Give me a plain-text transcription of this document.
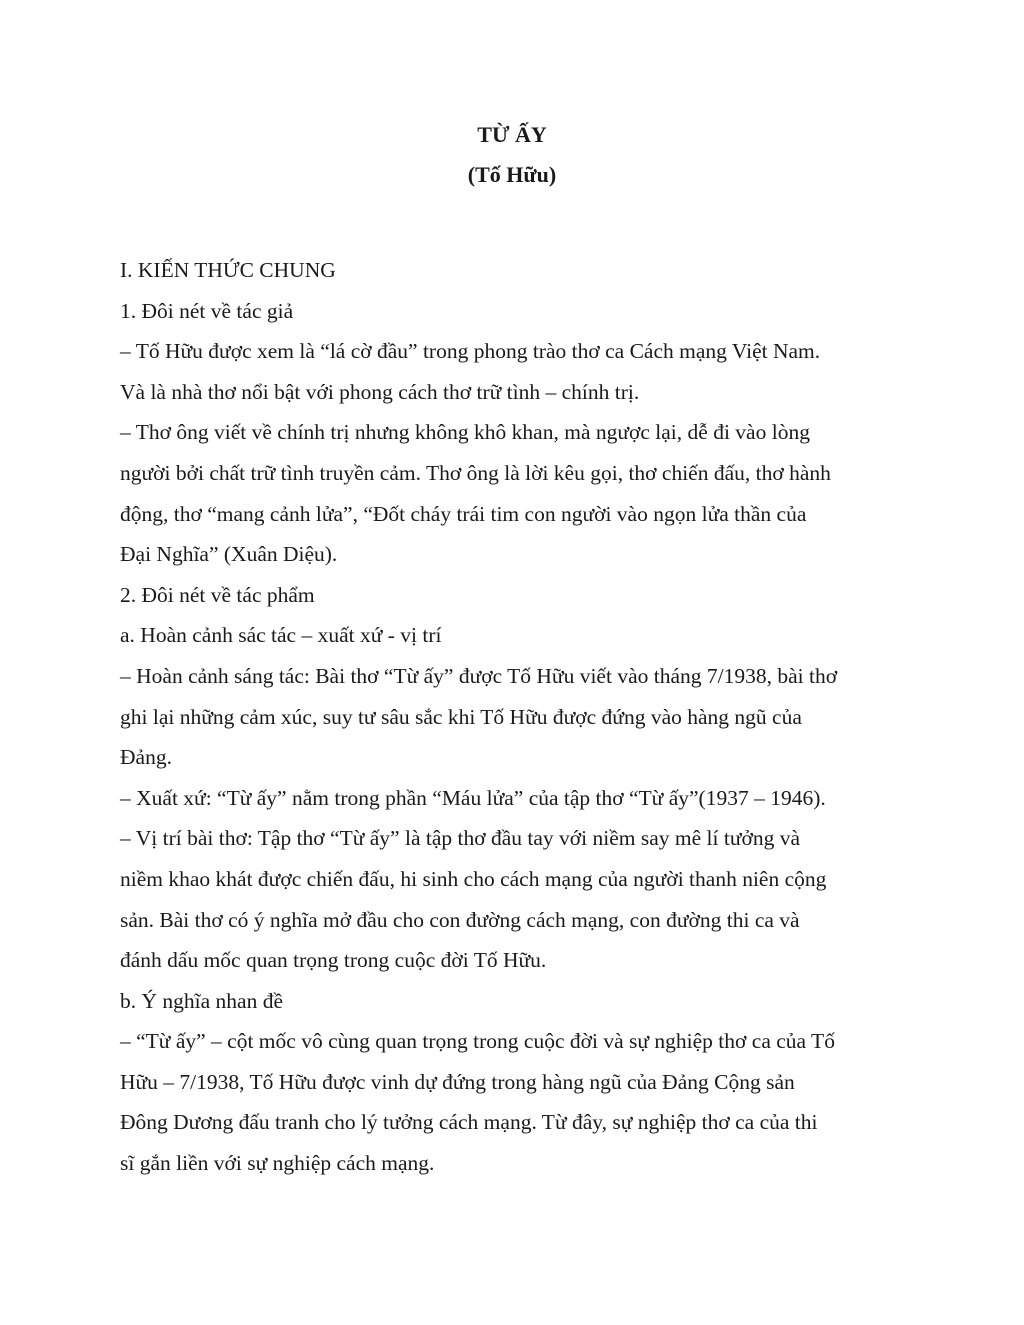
TỪ ẤY
(Tố Hữu)
I. KIẾN THỨC CHUNG
1. Đôi nét về tác giả
– Tố Hữu được xem là “lá cờ đầu” trong phong trào thơ ca Cách mạng Việt Nam.
Và là nhà thơ nổi bật với phong cách thơ trữ tình – chính trị.
– Thơ ông viết về chính trị nhưng không khô khan, mà ngược lại, dễ đi vào lòng
người bởi chất trữ tình truyền cảm. Thơ ông là lời kêu gọi, thơ chiến đấu, thơ hành
động, thơ “mang cảnh lửa”, “Đốt cháy trái tim con người vào ngọn lửa thần của
Đại Nghĩa” (Xuân Diệu).
2. Đôi nét về tác phẩm
a. Hoàn cảnh sác tác – xuất xứ - vị trí
– Hoàn cảnh sáng tác: Bài thơ “Từ ấy” được Tố Hữu viết vào tháng 7/1938, bài thơ
ghi lại những cảm xúc, suy tư sâu sắc khi Tố Hữu được đứng vào hàng ngũ của
Đảng.
– Xuất xứ: “Từ ấy” nằm trong phần “Máu lửa” của tập thơ “Từ ấy”(1937 – 1946).
– Vị trí bài thơ: Tập thơ “Từ ấy” là tập thơ đầu tay với niềm say mê lí tưởng và
niềm khao khát được chiến đấu, hi sinh cho cách mạng của người thanh niên cộng
sản. Bài thơ có ý nghĩa mở đầu cho con đường cách mạng, con đường thi ca và
đánh dấu mốc quan trọng trong cuộc đời Tố Hữu.
b. Ý nghĩa nhan đề
– “Từ ấy” – cột mốc vô cùng quan trọng trong cuộc đời và sự nghiệp thơ ca của Tố
Hữu – 7/1938, Tố Hữu được vinh dự đứng trong hàng ngũ của Đảng Cộng sản
Đông Dương đấu tranh cho lý tưởng cách mạng. Từ đây, sự nghiệp thơ ca của thi
sĩ gắn liền với sự nghiệp cách mạng.
